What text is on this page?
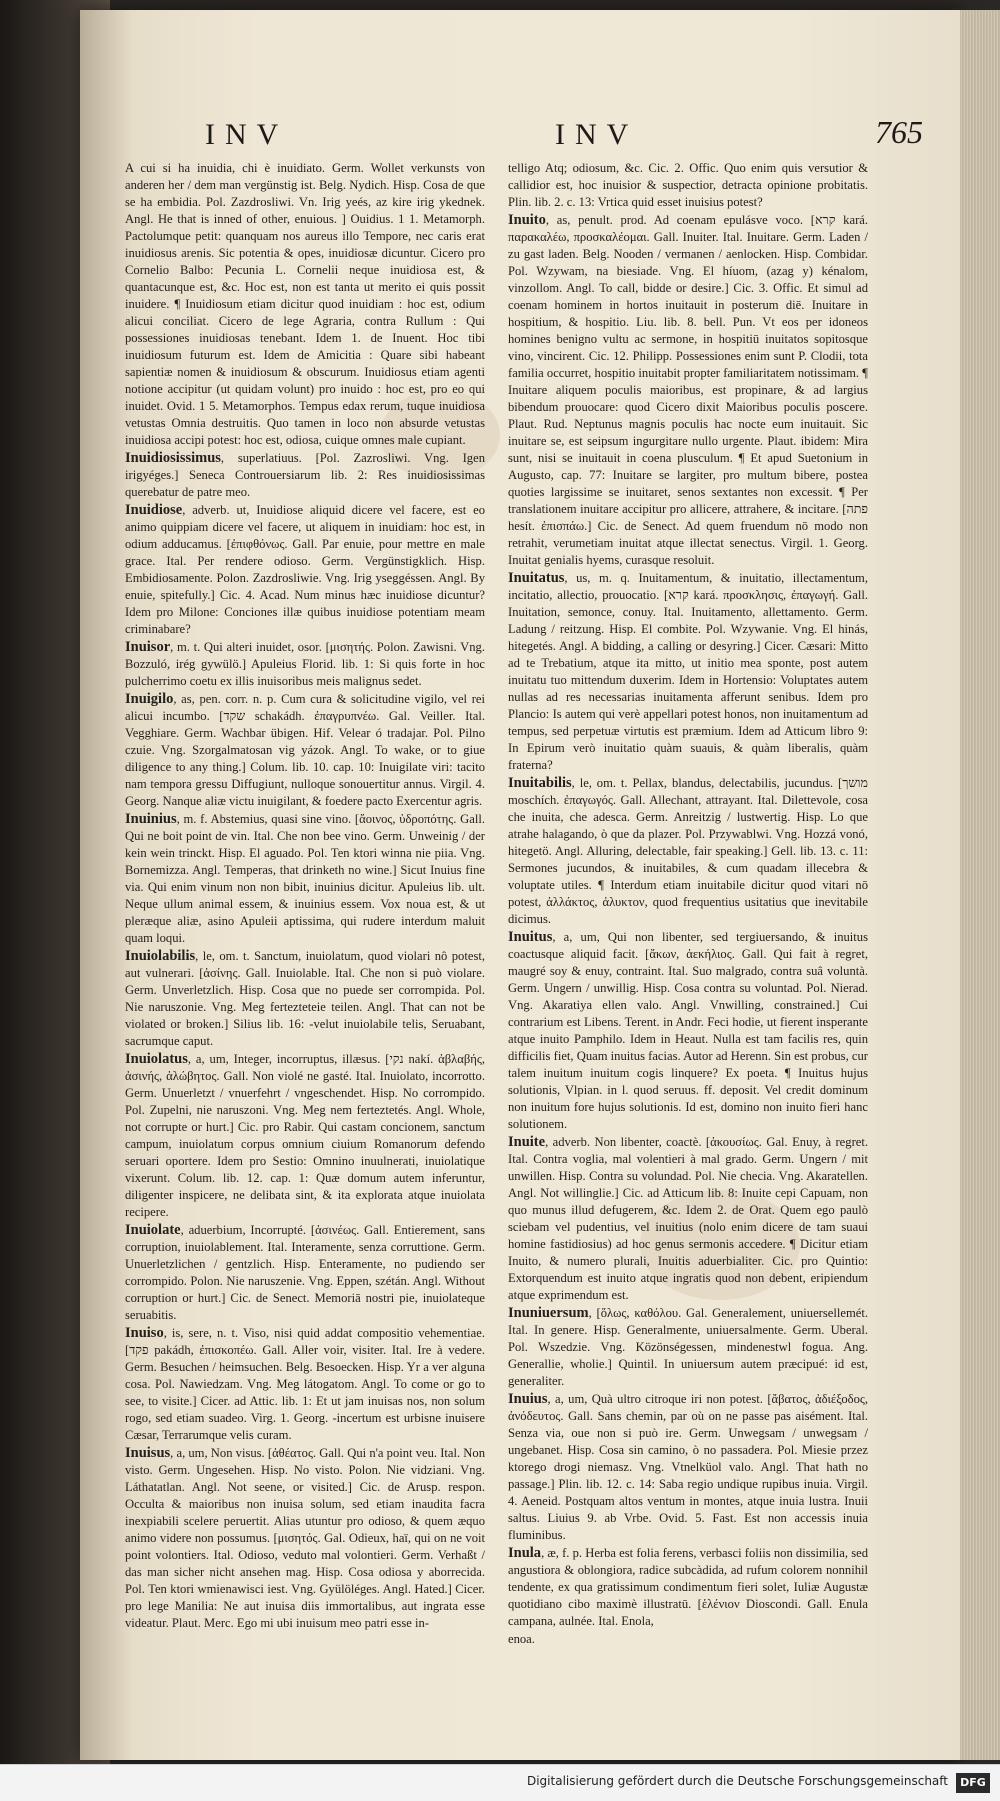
INV	INV	765

A cui si ha inuidia, chi è inuidiato. Germ. Wollet verkunsts von anderen her / dem man vergünstig ist. Belg. Nydich. Hisp. Cosa de que se ha embidia. Pol. Zazdrosliwi. Vn. Irig yeés, az kire irig ykednek. Angl. He that is inned of other, enuious. ] Ouidius. 1 1. Metamorph. Pactolumque petit: quanquam nos aureus illo Tempore, nec caris erat inuidiosus arenis. Sic potentia & opes, inuidiosæ dicuntur. Cicero pro Cornelio Balbo: Pecunia L. Cornelii neque inuidiosa est, & quantacunque est, &c. Hoc est, non est tanta ut merito ei quis possit inuidere. ¶ Inuidiosum etiam dicitur quod inuidiam : hoc est, odium alicui conciliat. Cicero de lege Agraria, contra Rullum : Qui possessiones inuidiosas tenebant. Idem 1. de Inuent. Hoc tibi inuidiosum futurum est. Idem de Amicitia : Quare sibi habeant sapientiæ nomen & inuidiosum & obscurum. Inuidiosus etiam agenti notione accipitur (ut quidam volunt) pro inuido : hoc est, pro eo qui inuidet. Ovid. 1 5. Metamorphos. Tempus edax rerum, tuque inuidiosa vetustas Omnia destruitis. Quo tamen in loco non absurde vetustas inuidiosa accipi potest: hoc est, odiosa, cuique omnes male cupiant.

Inuidiosissimus, superlatiuus. [Pol. Zazrosliwi. Vng. Igen irigyéges.] Seneca Controuersiarum lib. 2: Res inuidiosissimas querebatur de patre meo.

Inuidiose, adverb. ut, Inuidiose aliquid dicere vel facere, est eo animo quippiam dicere vel facere, ut aliquem in inuidiam: hoc est, in odium adducamus. [ἐπιφθόνως. Gall. Par enuie, pour mettre en male grace. Ital. Per rendere odioso. Germ. Vergünstigklich. Hisp. Embidiosamente. Polon. Zazdrosliwie. Vng. Irig yseggéssen. Angl. By enuie, spitefully.] Cic. 4. Acad. Num minus hæc inuidiose dicuntur? Idem pro Milone: Conciones illæ quibus inuidiose potentiam meam criminabare?

Inuisor, m. t. Qui alteri inuidet, osor. [μισητής. Polon. Zawisni. Vng. Bozzuló, irég gywülö.] Apuleius Florid. lib. 1: Si quis forte in hoc pulcherrimo coetu ex illis inuisoribus meis malignus sedet.

Inuigilo, as, pen. corr. n. p. Cum cura & solicitudine vigilo, vel rei alicui incumbo. [שקד schakádh. ἐπαγρυπνέω. Gal. Veiller. Ital. Vegghiare. Germ. Wachbar übigen. Hif. Velear ó tradajar. Pol. Pilno czuie. Vng. Szorgalmatosan vig yázok. Angl. To wake, or to giue diligence to any thing.] Colum. lib. 10. cap. 10: Inuigilate viri: tacito nam tempora gressu Diffugiunt, nulloque sonouertitur annus. Virgil. 4. Georg. Nanque aliæ victu inuigilant, & foedere pacto Exercentur agris.

Inuinius, m. f. Abstemius, quasi sine vino. [ἄοινος, ὑδροπότης. Gall. Qui ne boit point de vin. Ital. Che non bee vino. Germ. Unweinig / der kein wein trinckt. Hisp. El aguado. Pol. Ten ktori winna nie piia. Vng. Bornemizza. Angl. Temperas, that drinketh no wine.] Sicut Inuius fine via. Qui enim vinum non non bibit, inuinius dicitur. Apuleius lib. ult. Neque ullum animal essem, & inuinius essem. Vox noua est, & ut pleræque aliæ, asino Apuleii aptissima, qui rudere interdum maluit quam loqui.

Inuiolabilis, le, om. t. Sanctum, inuiolatum, quod violari nô potest, aut vulnerari. [ἀσίνης. Gall. Inuiolable. Ital. Che non si può violare. Germ. Unverletzlich. Hisp. Cosa que no puede ser corrompida. Pol. Nie naruszonie. Vng. Meg fertezteteie teilen. Angl. That can not be violated or broken.] Silius lib. 16: -velut inuiolabile telis, Seruabant, sacrumque caput.

Inuiolatus, a, um, Integer, incorruptus, illæsus. [נקי nakí. ἀβλαβής, ἀσινής, ἀλώβητος. Gall. Non violé ne gasté. Ital. Inuiolato, incorrotto. Germ. Unuerletzt / vnuerfehrt / vngeschendet. Hisp. No corrompido. Pol. Zupelni, nie naruszoni. Vng. Meg nem ferteztetés. Angl. Whole, not corrupte or hurt.] Cic. pro Rabir. Qui castam concionem, sanctum campum, inuiolatum corpus omnium ciuium Romanorum defendo seruari oportere. Idem pro Sestio: Omnino inuulnerati, inuiolatique vixerunt. Colum. lib. 12. cap. 1: Quæ domum autem inferuntur, diligenter inspicere, ne delibata sint, & ita explorata atque inuiolata recipere.

Inuiolate, aduerbium, Incorrupté. [ἀσινέως. Gall. Entierement, sans corruption, inuiolablement. Ital. Interamente, senza corruttione. Germ. Unuerletzlichen / gentzlich. Hisp. Enteramente, no pudiendo ser corrompido. Polon. Nie naruszenie. Vng. Eppen, szétán. Angl. Without corruption or hurt.] Cic. de Senect. Memoriā nostri pie, inuiolateque seruabitis.

Inuiso, is, sere, n. t. Viso, nisi quid addat compositio vehementiae. [פקד pakádh, ἐπισκοπέω. Gall. Aller voir, visiter. Ital. Ire à vedere. Germ. Besuchen / heimsuchen. Belg. Besoecken. Hisp. Yr a ver alguna cosa. Pol. Nawiedzam. Vng. Meg látogatom. Angl. To come or go to see, to visite.] Cicer. ad Attic. lib. 1: Et ut jam inuisas nos, non solum rogo, sed etiam suadeo. Virg. 1. Georg. -incertum est urbisne inuisere Cæsar, Terrarumque velis curam.

Inuisus, a, um, Non visus. [ἀθέατος. Gall. Qui n'a point veu. Ital. Non visto. Germ. Ungesehen. Hisp. No visto. Polon. Nie vidziani. Vng. Láthatatlan. Angl. Not seene, or visited.] Cic. de Arusp. respon. Occulta & maioribus non inuisa solum, sed etiam inaudita facra inexpiabili scelere peruertit. Alias utuntur pro odioso, & quem æquo animo videre non possumus. [μισητός. Gal. Odieux, haï, qui on ne voit point volontiers. Ital. Odioso, veduto mal volontieri. Germ. Verhaßt / das man sicher nicht ansehen mag. Hisp. Cosa odiosa y aborrecida. Pol. Ten ktori wmienawisci iest. Vng. Gyülöléges. Angl. Hated.] Cicer. pro lege Manilia: Ne aut inuisa diis immortalibus, aut ingrata esse videatur. Plaut. Merc. Ego mi ubi inuisum meo patri esse in-

telligo Atq; odiosum, &c. Cic. 2. Offic. Quo enim quis versutior & callidior est, hoc inuisior & suspectior, detracta opinione probitatis. Plin. lib. 2. c. 13: Vrtica quid esset inuisius potest?

Inuito, as, penult. prod. Ad coenam epulásve voco. [קרא kará. παρακαλέω, προσκαλέομαι. Gall. Inuiter. Ital. Inuitare. Germ. Laden / zu gast laden. Belg. Nooden / vermanen / aenlocken. Hisp. Combidar. Pol. Wzywam, na biesiade. Vng. El híuom, (azag y) kénalom, vinzollom. Angl. To call, bidde or desire.] Cic. 3. Offic. Et simul ad coenam hominem in hortos inuitauit in posterum diē. Inuitare in hospitium, & hospitio. Liu. lib. 8. bell. Pun. Vt eos per idoneos homines benigno vultu ac sermone, in hospitiū inuitatos sopitosque vino, vincirent. Cic. 12. Philipp. Possessiones enim sunt P. Clodii, tota familia occurret, hospitio inuitabit propter familiaritatem notissimam. ¶ Inuitare aliquem poculis maioribus, est propinare, & ad largius bibendum prouocare: quod Cicero dixit Maioribus poculis poscere. Plaut. Rud. Neptunus magnis poculis hac nocte eum inuitauit. Sic inuitare se, est seipsum ingurgitare nullo urgente. Plaut. ibidem: Mira sunt, nisi se inuitauit in coena plusculum. ¶ Et apud Suetonium in Augusto, cap. 77: Inuitare se largiter, pro multum bibere, postea quoties largissime se inuitaret, senos sextantes non excessit. ¶ Per translationem inuitare accipitur pro allicere, attrahere, & incitare. [פתה hesít. ἐπισπάω.] Cic. de Senect. Ad quem fruendum nō modo non retrahit, verumetiam inuitat atque illectat senectus. Virgil. 1. Georg. Inuitat genialis hyems, curasque resoluit.

Inuitatus, us, m. q. Inuitamentum, & inuitatio, illectamentum, incitatio, allectio, prouocatio. [קרא kará. προσκλησις, ἐπαγωγή. Gall. Inuitation, semonce, conuy. Ital. Inuitamento, allettamento. Germ. Ladung / reitzung. Hisp. El combite. Pol. Wzywanie. Vng. El hinás, hitegetés. Angl. A bidding, a calling or desyring.] Cicer. Cæsari: Mitto ad te Trebatium, atque ita mitto, ut initio mea sponte, post autem inuitatu tuo mittendum duxerim. Idem in Hortensio: Voluptates autem nullas ad res necessarias inuitamenta afferunt senibus. Idem pro Plancio: Is autem qui verè appellari potest honos, non inuitamentum ad tempus, sed perpetuæ virtutis est præmium. Idem ad Atticum libro 9: In Epirum verò inuitatio quàm suauis, & quàm liberalis, quàm fraterna?

Inuitabilis, le, om. t. Pellax, blandus, delectabilis, jucundus. [מושך moschích. ἐπαγωγός. Gall. Allechant, attrayant. Ital. Dilettevole, cosa che inuita, che adesca. Germ. Anreitzig / lustwertig. Hisp. Lo que atrahe halagando, ò que da plazer. Pol. Przywablwi. Vng. Hozzá vonó, hitegetö. Angl. Alluring, delectable, fair speaking.] Gell. lib. 13. c. 11: Sermones jucundos, & inuitabiles, & cum quadam illecebra & voluptate utiles. ¶ Interdum etiam inuitabile dicitur quod vitari nō potest, ἀλλάκτος, ἀλυκτον, quod frequentius usitatius que inevitabile dicimus.

Inuitus, a, um, Qui non libenter, sed tergiuersando, & inuitus coactusque aliquid facit. [ἄκων, ἀεκήλιος. Gall. Qui fait à regret, maugré soy & enuy, contraint. Ital. Suo malgrado, contra suâ voluntà. Germ. Ungern / unwillig. Hisp. Cosa contra su voluntad. Pol. Nierad. Vng. Akaratiya ellen valo. Angl. Vnwilling, constrained.] Cui contrarium est Libens. Terent. in Andr. Feci hodie, ut fierent insperante atque inuito Pamphilo. Idem in Heaut. Nulla est tam facilis res, quin difficilis fiet, Quam inuitus facias. Autor ad Herenn. Sin est probus, cur talem inuitum inuitum cogis linquere? Ex poeta. ¶ Inuitus hujus solutionis, Vlpian. in l. quod seruus. ff. deposit. Vel credit dominum non inuitum fore hujus solutionis. Id est, domino non inuito fieri hanc solutionem.

Inuite, adverb. Non libenter, coactè. [ἀκουσίως. Gal. Enuy, à regret. Ital. Contra voglia, mal volentieri à mal grado. Germ. Ungern / mit unwillen. Hisp. Contra su volundad. Pol. Nie checia. Vng. Akaratellen. Angl. Not willinglie.] Cic. ad Atticum lib. 8: Inuite cepi Capuam, non quo munus illud defugerem, &c. Idem 2. de Orat. Quem ego paulò sciebam vel pudentius, vel inuitius (nolo enim dicere de tam suaui homine fastidiosius) ad hoc genus sermonis accedere. ¶ Dicitur etiam Inuito, & numero plurali, Inuitis aduerbialiter. Cic. pro Quintio: Extorquendum est inuito atque ingratis quod non debent, eripiendum atque exprimendum est.

Inuniuersum, [ὅλως, καθόλου. Gal. Generalement, uniuersellemét. Ital. In genere. Hisp. Generalmente, uniuersalmente. Germ. Uberal. Pol. Wszedzie. Vng. Közönségessen, mindenestwl fogua. Ang. Generallie, wholie.] Quintil. In uniuersum autem præcipué: id est, generaliter.

Inuius, a, um, Quà ultro citroque iri non potest. [ἄβατος, ἀδιέξοδος, ἀνόδευτος. Gall. Sans chemin, par où on ne passe pas aisément. Ital. Senza via, oue non si può ire. Germ. Unwegsam / unwegsam / ungebanet. Hisp. Cosa sin camino, ò no passadera. Pol. Miesie przez ktorego drogi niemasz. Vng. Vtnelküol valo. Angl. That hath no passage.] Plin. lib. 12. c. 14: Saba regio undique rupibus inuia. Virgil. 4. Aeneid. Postquam altos ventum in montes, atque inuia lustra. Inuii saltus. Liuius 9. ab Vrbe. Ovid. 5. Fast. Est non accessis inuia fluminibus.

Inula, æ, f. p. Herba est folia ferens, verbasci foliis non dissimilia, sed angustiora & oblongiora, radice subcàdida, ad rufum colorem nonnihil tendente, ex qua gratissimum condimentum fieri solet, Iuliæ Augustæ quotidiano cibo maximè illustratū. [ἑλένιον Dioscondi. Gall. Enula campana, aulnée. Ital. Enola,

enoa.

Digitalisierung gefördert durch die Deutsche Forschungsgemeinschaft	DFG
